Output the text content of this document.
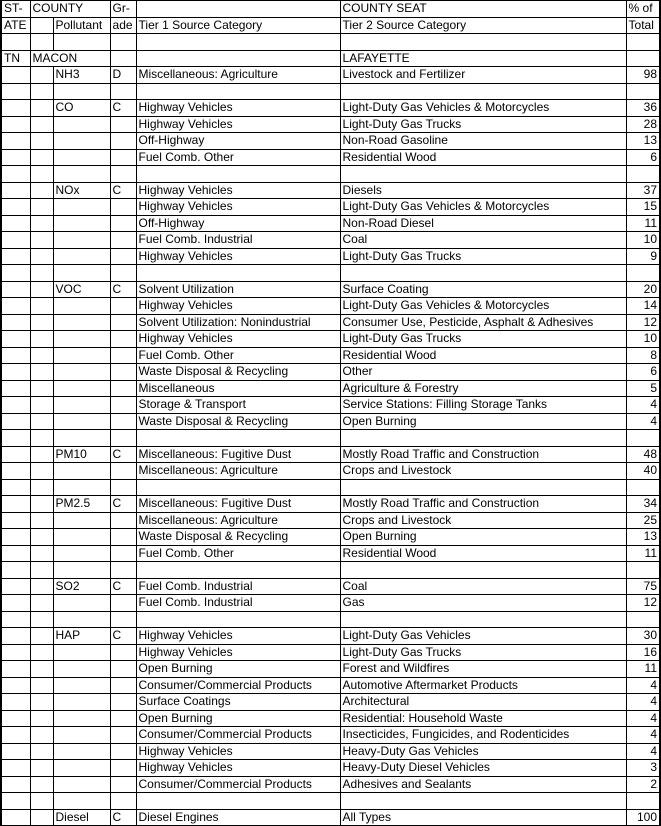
ST-	COUNTY		Gr-		COUNTY SEAT	% of
ATE		Pollutant	ade	Tier 1 Source Category	Tier 2 Source Category	Total

TN	MACON				LAFAYETTE	
		NH3	D	Miscellaneous: Agriculture	Livestock and Fertilizer	98

		CO	C	Highway Vehicles	Light-Duty Gas Vehicles & Motorcycles	36
				Highway Vehicles	Light-Duty Gas Trucks	28
				Off-Highway	Non-Road Gasoline	13
				Fuel Comb. Other	Residential Wood	6

		NOx	C	Highway Vehicles	Diesels	37
				Highway Vehicles	Light-Duty Gas Vehicles & Motorcycles	15
				Off-Highway	Non-Road Diesel	11
				Fuel Comb. Industrial	Coal	10
				Highway Vehicles	Light-Duty Gas Trucks	9

		VOC	C	Solvent Utilization	Surface Coating	20
				Highway Vehicles	Light-Duty Gas Vehicles & Motorcycles	14
				Solvent Utilization: Nonindustrial	Consumer Use, Pesticide, Asphalt & Adhesives	12
				Highway Vehicles	Light-Duty Gas Trucks	10
				Fuel Comb. Other	Residential Wood	8
				Waste Disposal & Recycling	Other	6
				Miscellaneous	Agriculture & Forestry	5
				Storage & Transport	Service Stations: Filling Storage Tanks	4
				Waste Disposal & Recycling	Open Burning	4

		PM10	C	Miscellaneous: Fugitive Dust	Mostly Road Traffic and Construction	48
				Miscellaneous: Agriculture	Crops and Livestock	40

		PM2.5	C	Miscellaneous: Fugitive Dust	Mostly Road Traffic and Construction	34
				Miscellaneous: Agriculture	Crops and Livestock	25
				Waste Disposal & Recycling	Open Burning	13
				Fuel Comb. Other	Residential Wood	11

		SO2	C	Fuel Comb. Industrial	Coal	75
				Fuel Comb. Industrial	Gas	12

		HAP	C	Highway Vehicles	Light-Duty Gas Vehicles	30
				Highway Vehicles	Light-Duty Gas Trucks	16
				Open Burning	Forest and Wildfires	11
				Consumer/Commercial Products	Automotive Aftermarket Products	4
				Surface Coatings	Architectural	4
				Open Burning	Residential: Household Waste	4
				Consumer/Commercial Products	Insecticides, Fungicides, and Rodenticides	4
				Highway Vehicles	Heavy-Duty Gas Vehicles	4
				Highway Vehicles	Heavy-Duty Diesel Vehicles	3
				Consumer/Commercial Products	Adhesives and Sealants	2

		Diesel	C	Diesel Engines	All Types	100
